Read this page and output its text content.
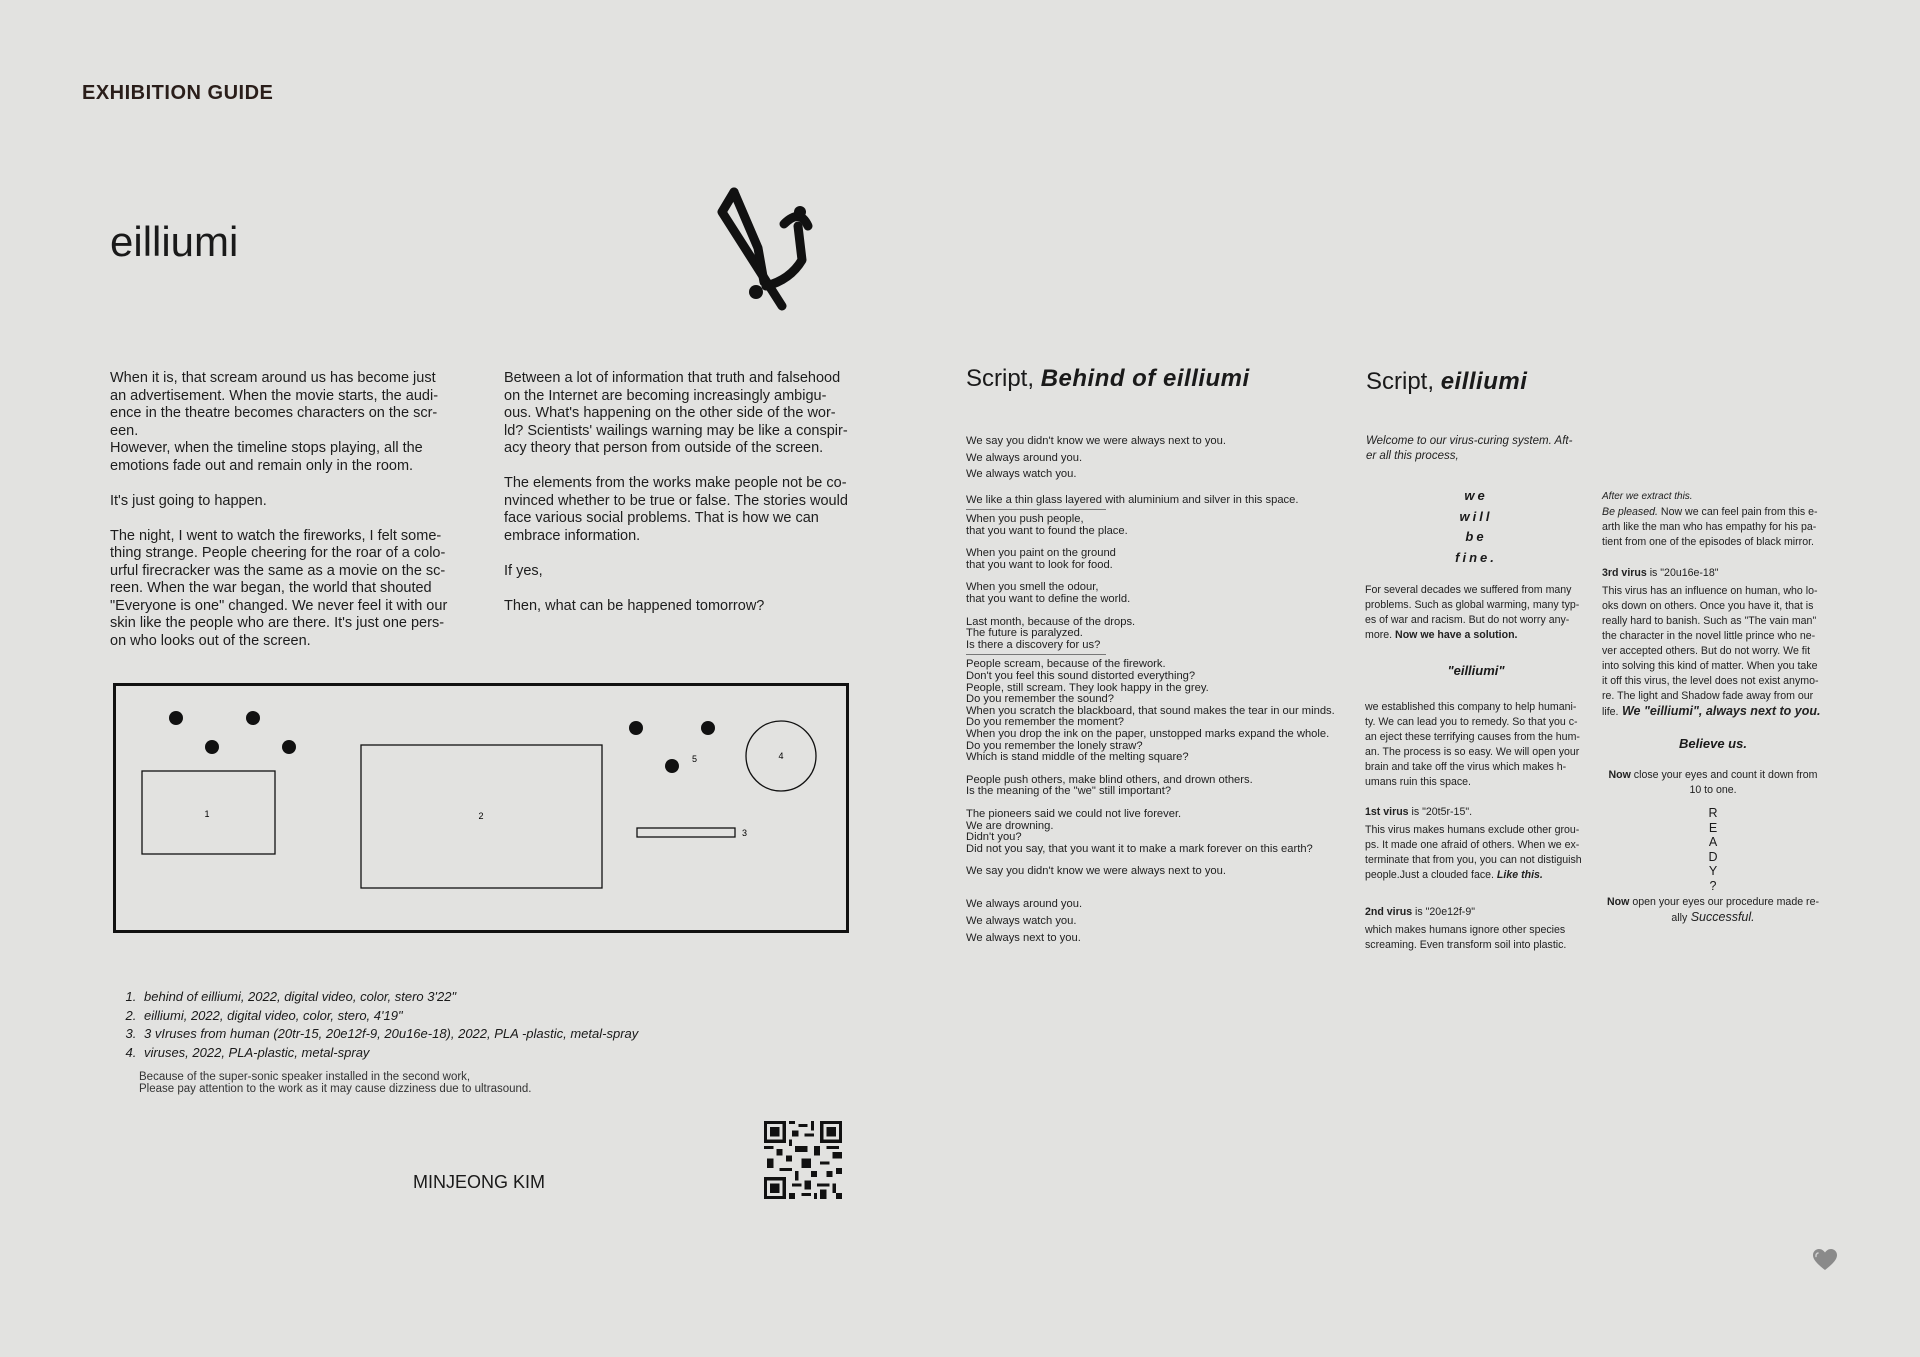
EXHIBITION GUIDE
eilliumi
When it is, that scream around us has become just
an advertisement. When the movie starts, the audi-
ence in the theatre becomes characters on the scr-
een.
However, when the timeline stops playing, all the
emotions fade out and remain only in the room.

It's just going to happen.

The night, I went to watch the fireworks, I felt some-
thing strange. People cheering for the roar of a colo-
urful firecracker was the same as a movie on the sc-
reen. When the war began, the world that shouted
"Everyone is one" changed. We never feel it with our
skin like the people who are there. It's just one pers-
on who looks out of the screen.
Between a lot of information that truth and falsehood
on the Internet are becoming increasingly ambigu-
ous. What's happening on the other side of the wor-
ld? Scientists' wailings warning may be like a conspir-
acy theory that person from outside of the screen.

The elements from the works make people not be co-
nvinced whether to be true or false. The stories would
face various social problems. That is how we can
embrace information.

If yes,

Then, what can be happened tomorrow?
1	2
5	4
3
1. behind of eilliumi, 2022, digital video, color, stero 3'22"
2. eilliumi, 2022, digital video, color, stero, 4'19"
3. 3 vIruses from human (20tr-15, 20e12f-9, 20u16e-18), 2022, PLA -plastic, metal-spray
4. viruses, 2022, PLA-plastic, metal-spray
Because of the super-sonic speaker installed in the second work,
Please pay attention to the work as it may cause dizziness due to ultrasound.
MINJEONG KIM
Script, Behind of eilliumi
We say you didn't know we were always next to you.
We always around you.
We always watch you.
We like a thin glass layered with aluminium and silver in this space.
When you push people,
that you want to found the place.
When you paint on the ground
that you want to look for food.
When you smell the odour,
that you want to define the world.
Last month, because of the drops.
The future is paralyzed.
Is there a discovery for us?
People scream, because of the firework.
Don't you feel this sound distorted everything?
People, still scream. They look happy in the grey.
Do you remember the sound?
When you scratch the blackboard, that sound makes the tear in our minds.
Do you remember the moment?
When you drop the ink on the paper, unstopped marks expand the whole.
Do you remember the lonely straw?
Which is stand middle of the melting square?
People push others, make blind others, and drown others.
Is the meaning of the "we" still important?
The pioneers said we could not live forever.
We are drowning.
Didn't you?
Did not you say, that you want it to make a mark forever on this earth?
We say you didn't know we were always next to you.
We always around you.
We always watch you.
We always next to you.
Script, eilliumi
Welcome to our virus-curing system. Aft-
er all this process,
we
will
be
fine.
For several decades we suffered from many
problems. Such as global warming, many typ-
es of war and racism. But do not worry any-
more. Now we have a solution.
"eilliumi"
we established this company to help humani-
ty. We can lead you to remedy. So that you c-
an eject these terrifying causes from the hum-
an. The process is so easy. We will open your
brain and take off the virus which makes h-
umans ruin this space.
1st virus is "20t5r-15".
This virus makes humans exclude other grou-
ps. It made one afraid of others. When we ex-
terminate that from you, you can not distiguish
people.Just a clouded face. Like this.
2nd virus is "20e12f-9"
which makes humans ignore other species
screaming. Even transform soil into plastic.
After we extract this.
Be pleased. Now we can feel pain from this e-
arth like the man who has empathy for his pa-
tient from one of the episodes of black mirror.
3rd virus is "20u16e-18"
This virus has an influence on human, who lo-
oks down on others. Once you have it, that is
really hard to banish. Such as "The vain man"
the character in the novel little prince who ne-
ver accepted others. But do not worry. We fit
into solving this kind of matter. When you take
it off this virus, the level does not exist anymo-
re. The light and Shadow fade away from our
life. We "eilliumi", always next to you.
Believe us.
Now close your eyes and count it down from
10 to one.
R
E
A
D
Y
?
Now open your eyes our procedure made re-
ally Successful.
